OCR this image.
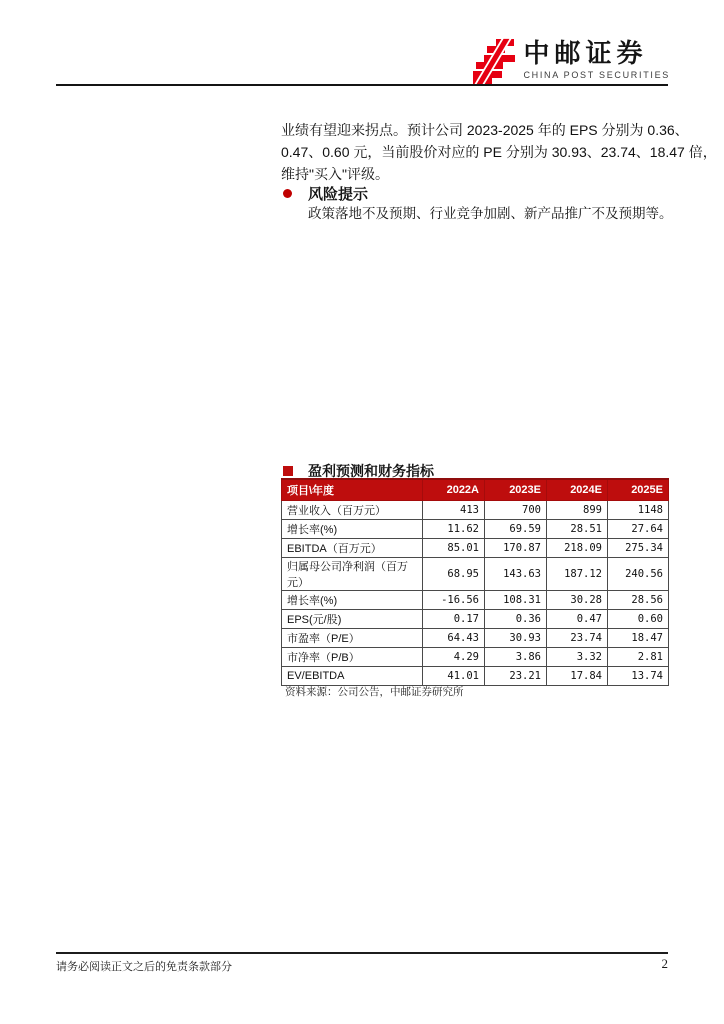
中邮证券
CHINA POST SECURITIES
业绩有望迎来拐点。预计公司 2023-2025 年的 EPS 分别为 0.36、
0.47、0.60 元，当前股价对应的 PE 分别为 30.93、23.74、18.47 倍，
维持"买入"评级。
风险提示
政策落地不及预期、行业竞争加剧、新产品推广不及预期等。
盈利预测和财务指标
项目\年度	2022A	2023E	2024E	2025E
营业收入（百万元）	413	700	899	1148
增长率(%)	11.62	69.59	28.51	27.64
EBITDA（百万元）	85.01	170.87	218.09	275.34
归属母公司净利润（百万元）	68.95	143.63	187.12	240.56
增长率(%)	-16.56	108.31	30.28	28.56
EPS(元/股)	0.17	0.36	0.47	0.60
市盈率（P/E）	64.43	30.93	23.74	18.47
市净率（P/B）	4.29	3.86	3.32	2.81
EV/EBITDA	41.01	23.21	17.84	13.74
资料来源：公司公告，中邮证券研究所
请务必阅读正文之后的免责条款部分	2
